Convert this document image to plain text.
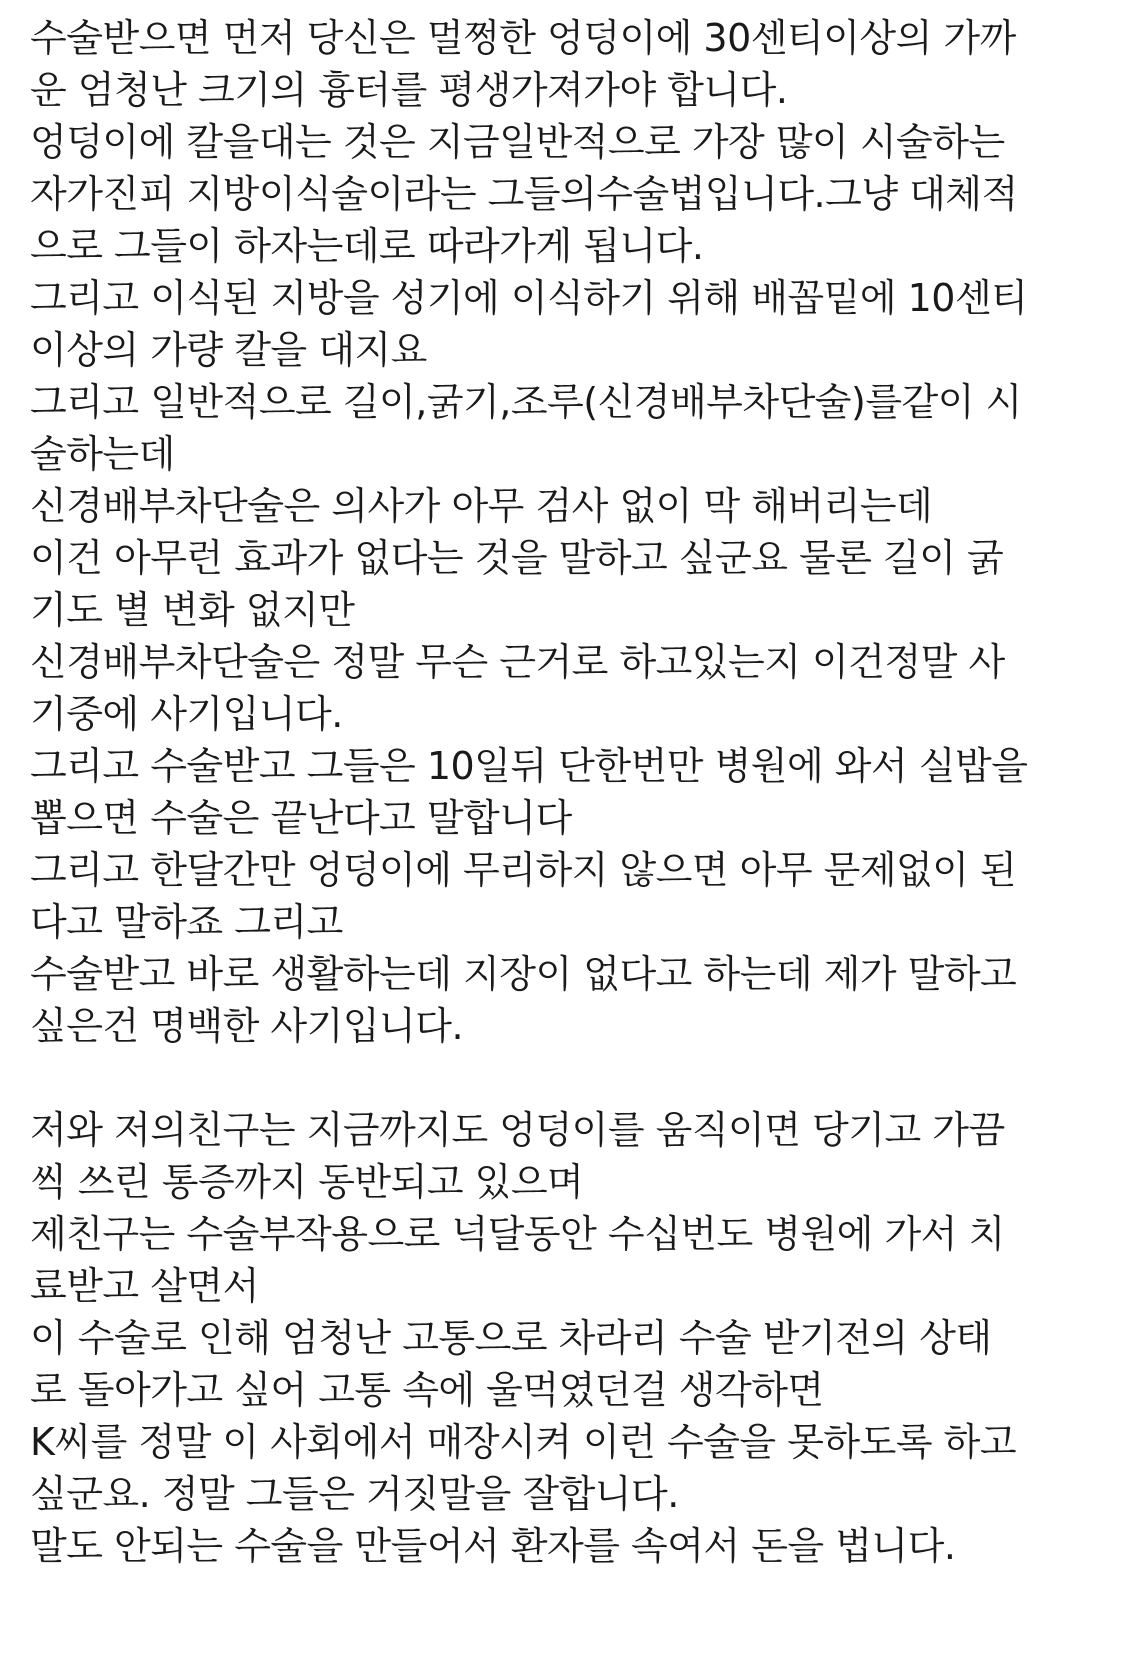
수술받으면 먼저 당신은 멀쩡한 엉덩이에 30센티이상의 가까
운 엄청난 크기의 흉터를 평생가져가야 합니다.
엉덩이에 칼을대는 것은 지금일반적으로 가장 많이 시술하는
자가진피 지방이식술이라는 그들의수술법입니다.그냥 대체적
으로 그들이 하자는데로 따라가게 됩니다.
그리고 이식된 지방을 성기에 이식하기 위해 배꼽밑에 10센티
이상의 가량 칼을 대지요
그리고 일반적으로 길이,굵기,조루(신경배부차단술)를같이 시
술하는데
신경배부차단술은 의사가 아무 검사 없이 막 해버리는데
이건 아무런 효과가 없다는 것을 말하고 싶군요 물론 길이 굵
기도 별 변화 없지만
신경배부차단술은 정말 무슨 근거로 하고있는지 이건정말 사
기중에 사기입니다.
그리고 수술받고 그들은 10일뒤 단한번만 병원에 와서 실밥을
뽑으면 수술은 끝난다고 말합니다
그리고 한달간만 엉덩이에 무리하지 않으면 아무 문제없이 된
다고 말하죠 그리고
수술받고 바로 생활하는데 지장이 없다고 하는데 제가 말하고
싶은건 명백한 사기입니다.
저와 저의친구는 지금까지도 엉덩이를 움직이면 당기고 가끔
씩 쓰린 통증까지 동반되고 있으며
제친구는 수술부작용으로 넉달동안 수십번도 병원에 가서 치
료받고 살면서
이 수술로 인해 엄청난 고통으로 차라리 수술 받기전의 상태
로 돌아가고 싶어 고통 속에 울먹였던걸 생각하면
K씨를 정말 이 사회에서 매장시켜 이런 수술을 못하도록 하고
싶군요. 정말 그들은 거짓말을 잘합니다.
말도 안되는 수술을 만들어서 환자를 속여서 돈을 법니다.
